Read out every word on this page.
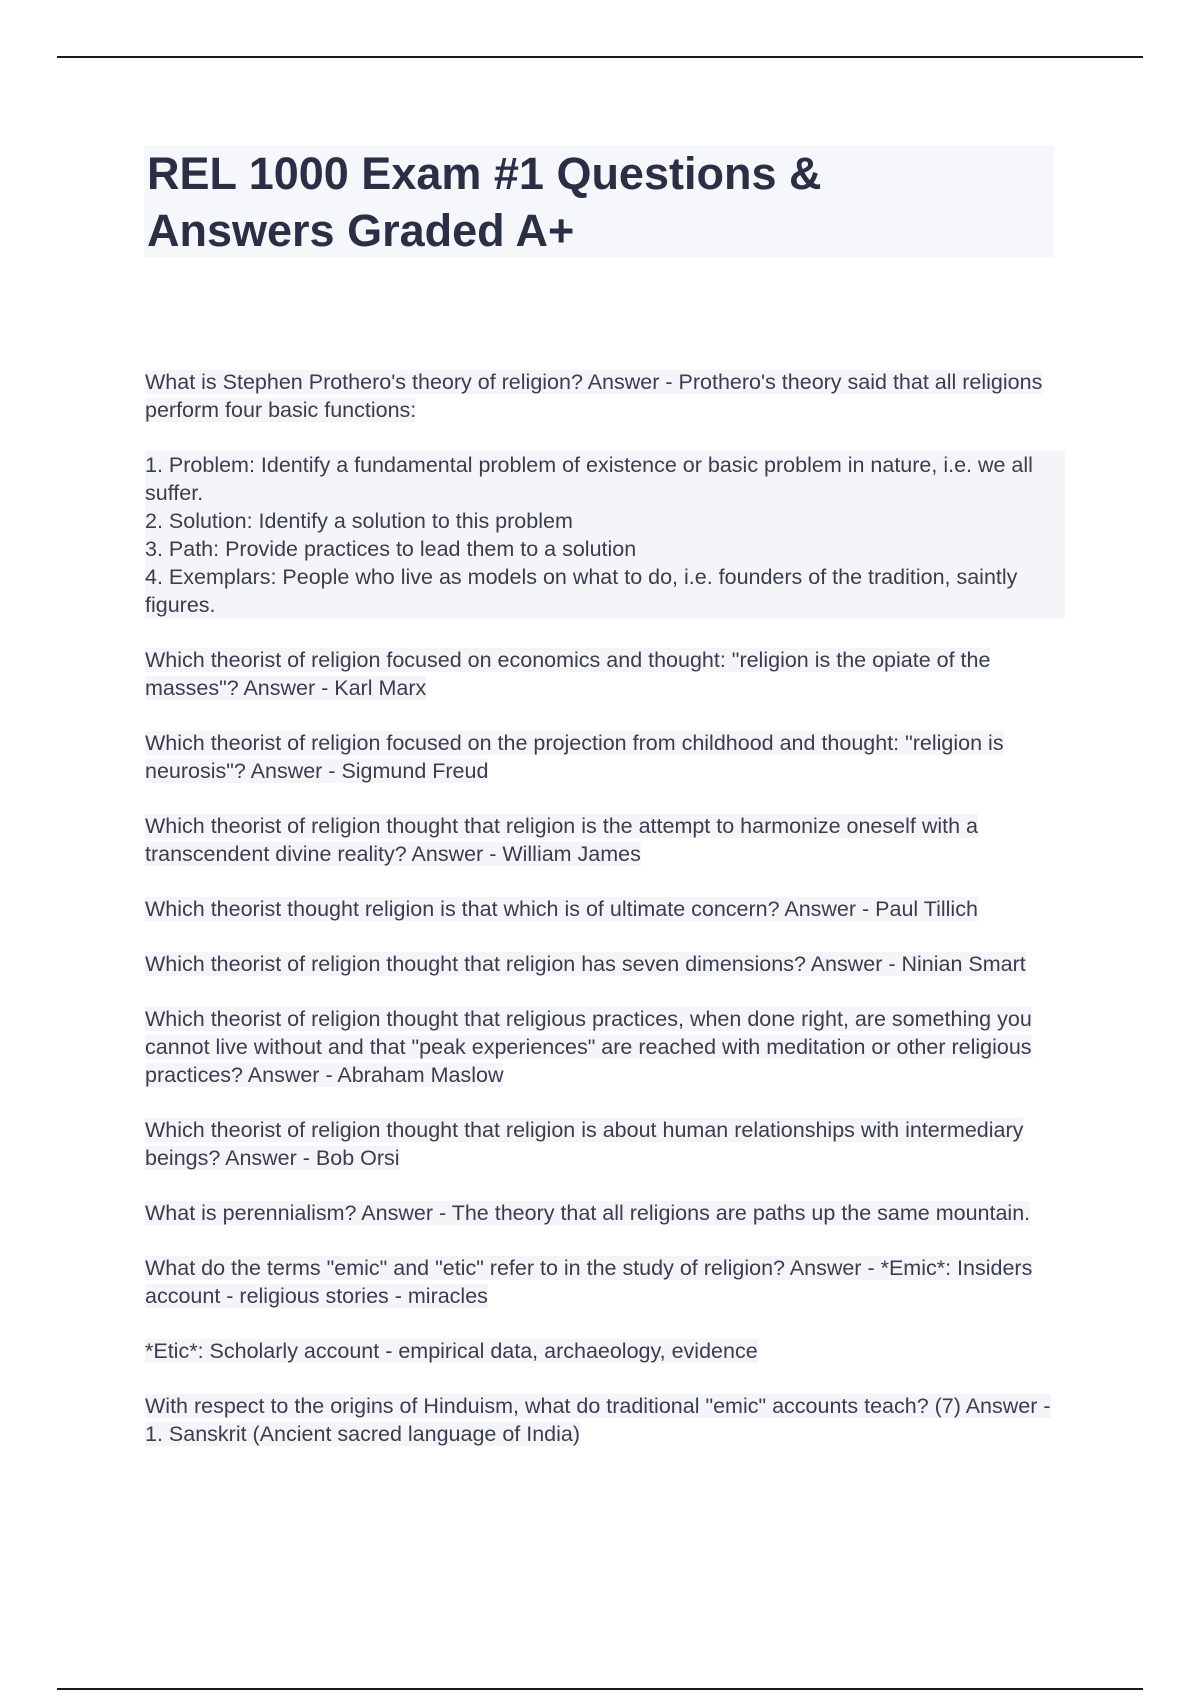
REL 1000 Exam #1 Questions &
Answers Graded A+

What is Stephen Prothero's theory of religion? Answer - Prothero's theory said that all religions perform four basic functions:

1. Problem: Identify a fundamental problem of existence or basic problem in nature, i.e. we all suffer.
2. Solution: Identify a solution to this problem
3. Path: Provide practices to lead them to a solution
4. Exemplars: People who live as models on what to do, i.e. founders of the tradition, saintly figures.

Which theorist of religion focused on economics and thought: "religion is the opiate of the masses"? Answer - Karl Marx

Which theorist of religion focused on the projection from childhood and thought: "religion is neurosis"? Answer - Sigmund Freud

Which theorist of religion thought that religion is the attempt to harmonize oneself with a transcendent divine reality? Answer - William James

Which theorist thought religion is that which is of ultimate concern? Answer - Paul Tillich

Which theorist of religion thought that religion has seven dimensions? Answer - Ninian Smart

Which theorist of religion thought that religious practices, when done right, are something you cannot live without and that "peak experiences" are reached with meditation or other religious practices? Answer - Abraham Maslow

Which theorist of religion thought that religion is about human relationships with intermediary beings? Answer - Bob Orsi

What is perennialism? Answer - The theory that all religions are paths up the same mountain.

What do the terms "emic" and "etic" refer to in the study of religion? Answer - *Emic*: Insiders account - religious stories - miracles

*Etic*: Scholarly account - empirical data, archaeology, evidence

With respect to the origins of Hinduism, what do traditional "emic" accounts teach? (7) Answer - 1. Sanskrit (Ancient sacred language of India)
